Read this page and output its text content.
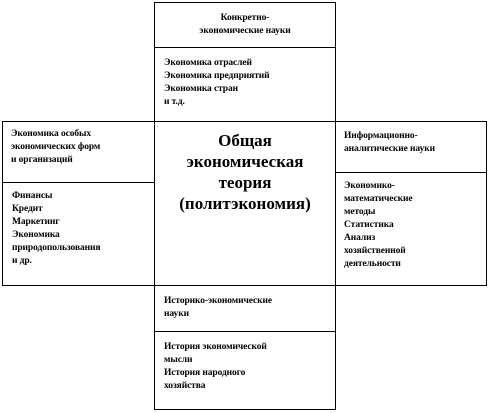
Конкретно-
экономические науки
Экономика отраслей
Экономика предприятий
Экономика стран
и т.д.
Экономика особых
экономических форм
и организаций
Финансы
Кредит
Маркетинг
Экономика
природопользования
и др.
Общая
экономическая
теория
(политэкономия)
Информационно-
аналитические науки
Экономико-
математические
методы
Статистика
Анализ
хозяйственной
деятельности
Историко-экономические
науки
История экономической
мысли
История народного
хозяйства
